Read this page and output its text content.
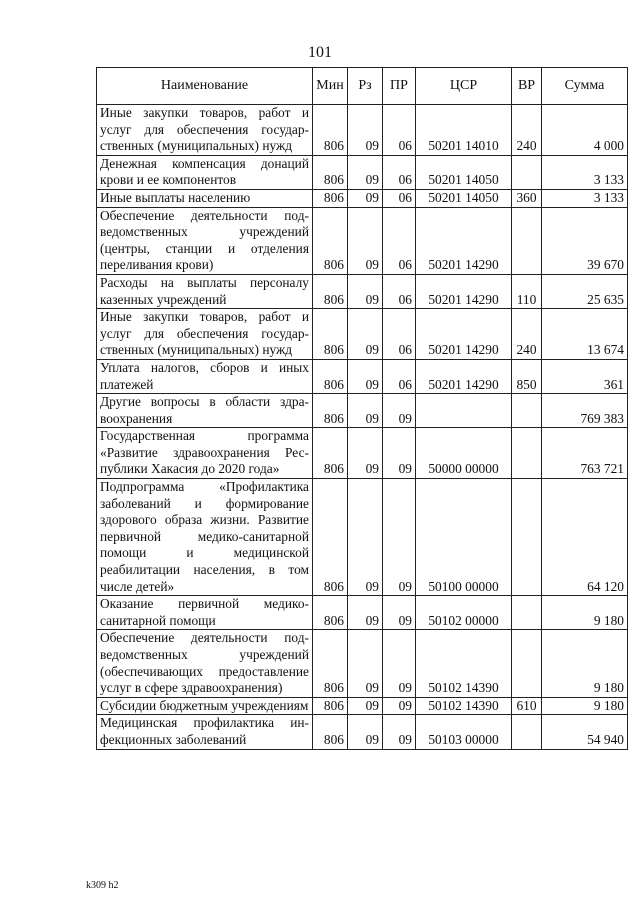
101
Наименование	Мин	Рз	ПР	ЦСР	ВР	Сумма
Иные закупки товаров, работ и услуг для обеспечения государственных (муниципальных) нужд	806	09	06	50201 14010	240	4 000
Денежная компенсация донаций крови и ее компонентов	806	09	06	50201 14050		3 133
Иные выплаты населению	806	09	06	50201 14050	360	3 133
Обеспечение деятельности подведомственных учреждений (центры, станции и отделения переливания крови)	806	09	06	50201 14290		39 670
Расходы на выплаты персоналу казенных учреждений	806	09	06	50201 14290	110	25 635
Иные закупки товаров, работ и услуг для обеспечения государственных (муниципальных) нужд	806	09	06	50201 14290	240	13 674
Уплата налогов, сборов и иных платежей	806	09	06	50201 14290	850	361
Другие вопросы в области здравоохранения	806	09	09			769 383
Государственная программа «Развитие здравоохранения Республики Хакасия до 2020 года»	806	09	09	50000 00000		763 721
Подпрограмма «Профилактика заболеваний и формирование здорового образа жизни. Развитие первичной медико-санитарной помощи и медицинской реабилитации населения, в том числе детей»	806	09	09	50100 00000		64 120
Оказание первичной медико-санитарной помощи	806	09	09	50102 00000		9 180
Обеспечение деятельности подведомственных учреждений (обеспечивающих предоставление услуг в сфере здравоохранения)	806	09	09	50102 14390		9 180
Субсидии бюджетным учреждениям	806	09	09	50102 14390	610	9 180
Медицинская профилактика инфекционных заболеваний	806	09	09	50103 00000		54 940
k309 h2
